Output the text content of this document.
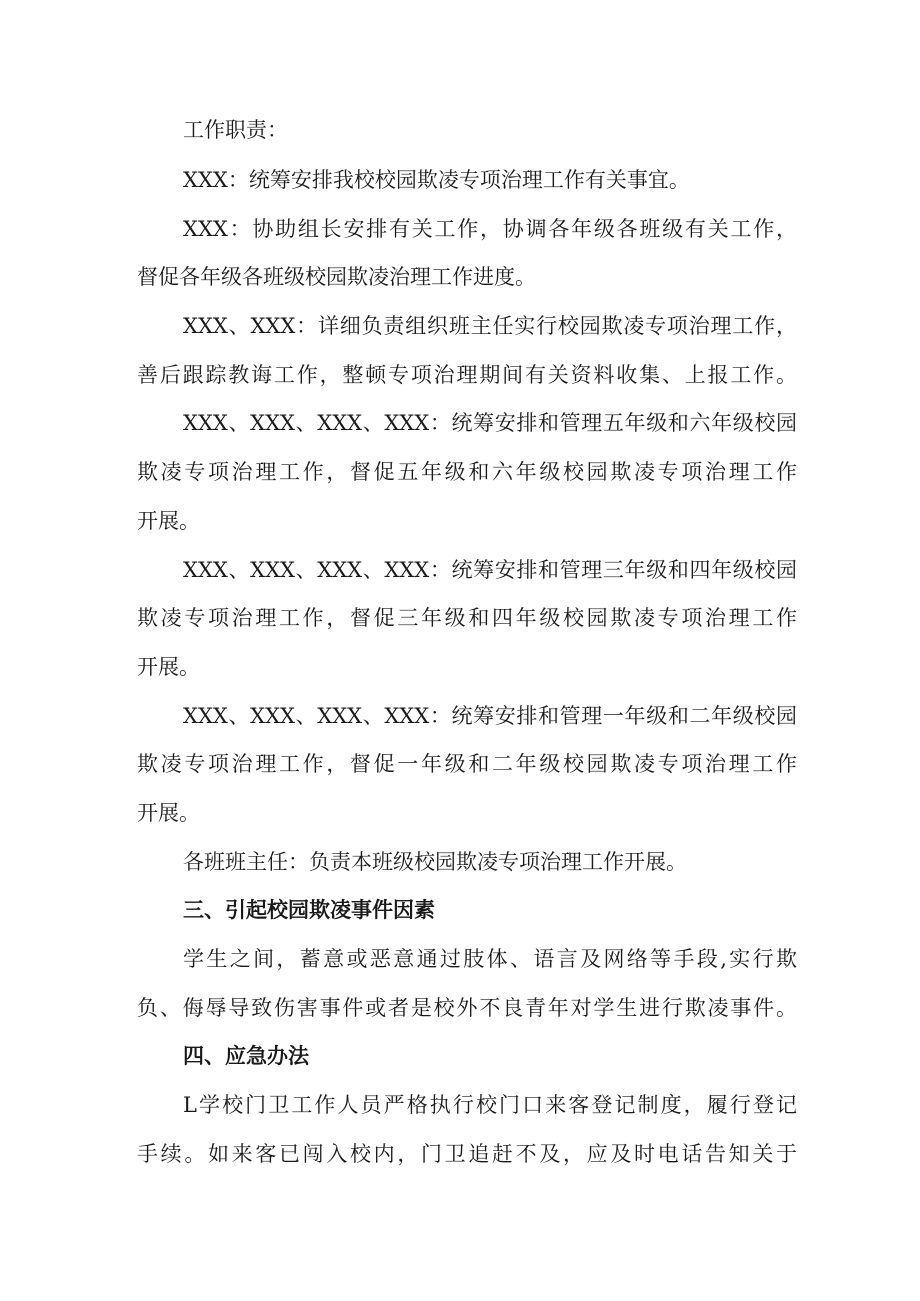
工作职责：
XXX：统筹安排我校校园欺凌专项治理工作有关事宜。
XXX：协助组长安排有关工作，协调各年级各班级有关工作，
督促各年级各班级校园欺凌治理工作进度。
XXX、XXX：详细负责组织班主任实行校园欺凌专项治理工作，
善后跟踪教诲工作，整顿专项治理期间有关资料收集、上报工作。
XXX、XXX、XXX、XXX：统筹安排和管理五年级和六年级校园
欺凌专项治理工作，督促五年级和六年级校园欺凌专项治理工作
开展。
XXX、XXX、XXX、XXX：统筹安排和管理三年级和四年级校园
欺凌专项治理工作，督促三年级和四年级校园欺凌专项治理工作
开展。
XXX、XXX、XXX、XXX：统筹安排和管理一年级和二年级校园
欺凌专项治理工作，督促一年级和二年级校园欺凌专项治理工作
开展。
各班班主任：负责本班级校园欺凌专项治理工作开展。
三、引起校园欺凌事件因素
学生之间，蓄意或恶意通过肢体、语言及网络等手段,实行欺
负、侮辱导致伤害事件或者是校外不良青年对学生进行欺凌事件。
四、应急办法
L学校门卫工作人员严格执行校门口来客登记制度，履行登记
手续。如来客已闯入校内，门卫追赶不及，应及时电话告知关于
